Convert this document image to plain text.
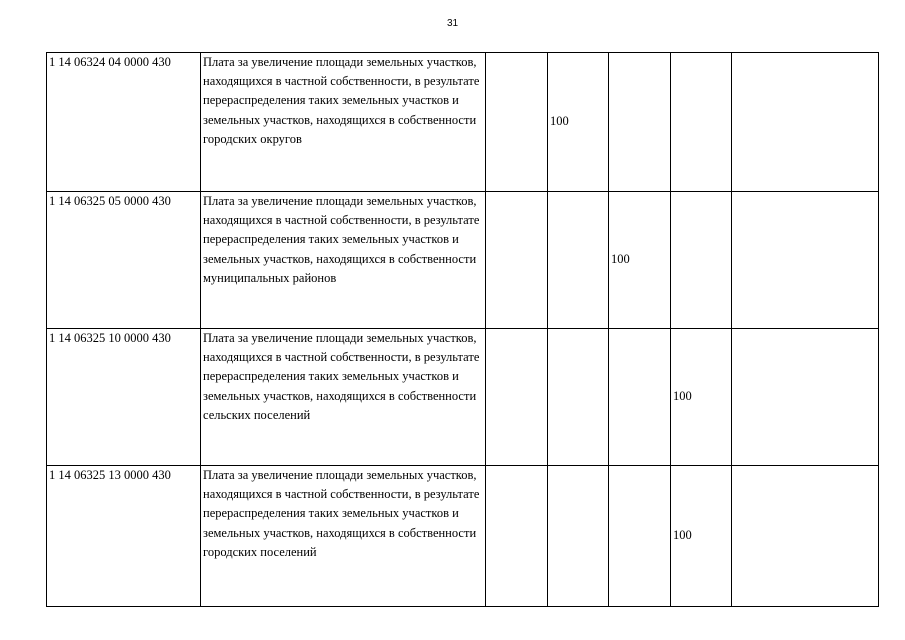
31
1 14 06324 04 0000 430	Плата за увеличение площади земельных участков, находящихся в частной собственности, в результате перераспределения таких земельных участков и земельных участков, находящихся в собственности городских округов		100			
1 14 06325 05 0000 430	Плата за увеличение площади земельных участков, находящихся в частной собственности, в результате перераспределения таких земельных участков и земельных участков, находящихся в собственности муниципальных районов			100		
1 14 06325 10 0000 430	Плата за увеличение площади земельных участков, находящихся в частной собственности, в результате перераспределения таких земельных участков и земельных участков, находящихся в собственности сельских поселений				100	
1 14 06325 13 0000 430	Плата за увеличение площади земельных участков, находящихся в частной собственности, в результате перераспределения таких земельных участков и земельных участков, находящихся в собственности городских поселений				100	
